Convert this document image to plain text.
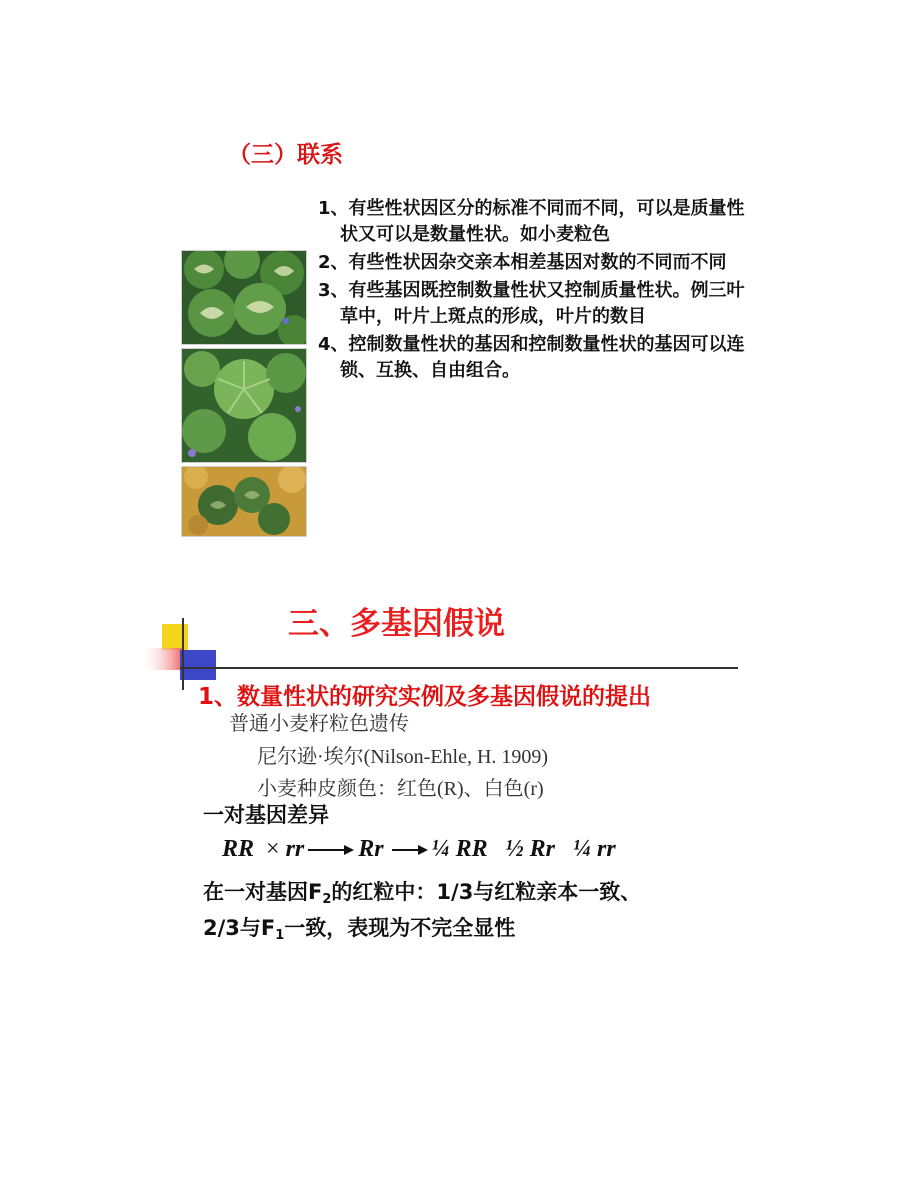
（三）联系
1、有些性状因区分的标准不同而不同，可以是质量性状又可以是数量性状。如小麦粒色
2、有些性状因杂交亲本相差基因对数的不同而不同
3、有些基因既控制数量性状又控制质量性状。例三叶草中，叶片上斑点的形成，叶片的数目
4、控制数量性状的基因和控制数量性状的基因可以连锁、互换、自由组合。
三、多基因假说
1、数量性状的研究实例及多基因假说的提出
普通小麦籽粒色遗传
尼尔逊·埃尔(Nilson-Ehle, H. 1909)
小麦种皮颜色：红色(R)、白色(r)
一对基因差异
RR × rr Rr ¼ RR ½ Rr ¼ rr
在一对基因$F_2$的红粒中：1/3与红粒亲本一致、
2/3与$F_1$一致，表现为不完全显性
